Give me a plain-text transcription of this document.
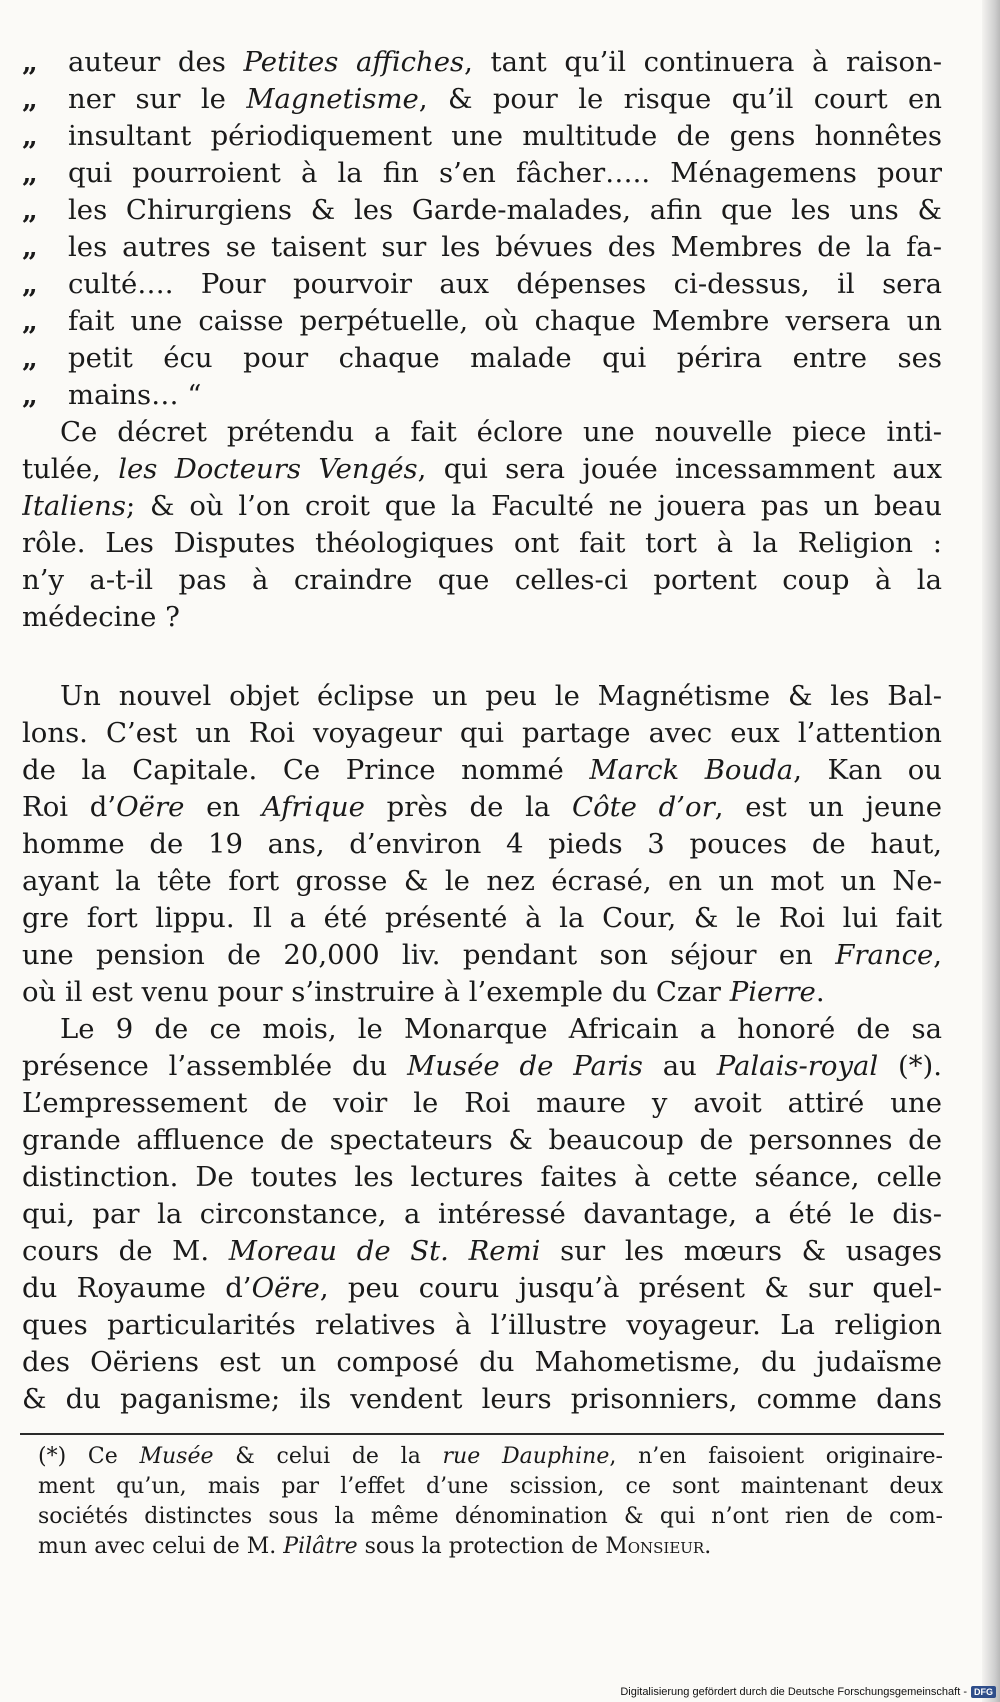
„ auteur des Petites affiches, tant qu’il continuera à raison-
„ ner sur le Magnetisme, & pour le risque qu’il court en
„ insultant périodiquement une multitude de gens honnêtes
„ qui pourroient à la fin s’en fâcher….. Ménagemens pour
„ les Chirurgiens & les Garde-malades, afin que les uns &
„ les autres se taisent sur les bévues des Membres de la fa-
„ culté…. Pour pourvoir aux dépenses ci-dessus, il sera
„ fait une caisse perpétuelle, où chaque Membre versera un
„ petit écu pour chaque malade qui périra entre ses
„ mains… “
Ce décret prétendu a fait éclore une nouvelle piece inti-
tulée, les Docteurs Vengés, qui sera jouée incessamment aux
Italiens; & où l’on croit que la Faculté ne jouera pas un beau
rôle. Les Disputes théologiques ont fait tort à la Religion :
n’y a-t-il pas à craindre que celles-ci portent coup à la
médecine ?
Un nouvel objet éclipse un peu le Magnétisme & les Bal-
lons. C’est un Roi voyageur qui partage avec eux l’attention
de la Capitale. Ce Prince nommé Marck Bouda, Kan ou
Roi d’Oëre en Afrique près de la Côte d’or, est un jeune
homme de 19 ans, d’environ 4 pieds 3 pouces de haut,
ayant la tête fort grosse & le nez écrasé, en un mot un Ne-
gre fort lippu. Il a été présenté à la Cour, & le Roi lui fait
une pension de 20,000 liv. pendant son séjour en France,
où il est venu pour s’instruire à l’exemple du Czar Pierre.
Le 9 de ce mois, le Monarque Africain a honoré de sa
présence l’assemblée du Musée de Paris au Palais-royal (*).
L’empressement de voir le Roi maure y avoit attiré une
grande affluence de spectateurs & beaucoup de personnes de
distinction. De toutes les lectures faites à cette séance, celle
qui, par la circonstance, a intéressé davantage, a été le dis-
cours de M. Moreau de St. Remi sur les mœurs & usages
du Royaume d’Oëre, peu couru jusqu’à présent & sur quel-
ques particularités relatives à l’illustre voyageur. La religion
des Oëriens est un composé du Mahometisme, du judaïsme
& du paganisme; ils vendent leurs prisonniers, comme dans
(*) Ce Musée & celui de la rue Dauphine, n’en faisoient originaire-
ment qu’un, mais par l’effet d’une scission, ce sont maintenant deux
sociétés distinctes sous la même dénomination & qui n’ont rien de com-
mun avec celui de M. Pilâtre sous la protection de Monsieur.
Digitalisierung gefördert durch die Deutsche Forschungsgemeinschaft - DFG
